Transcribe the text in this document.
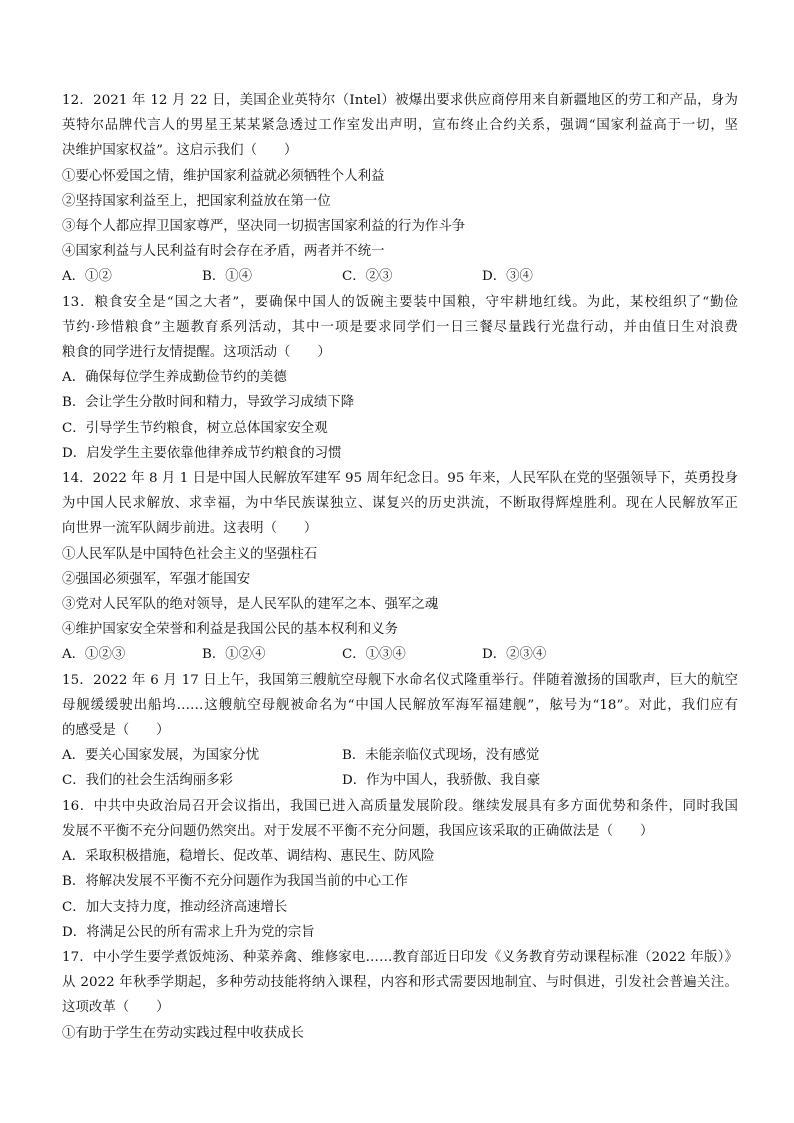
12．2021 年 12 月 22 日，美国企业英特尔（Intel）被爆出要求供应商停用来自新疆地区的劳工和产品，身为
英特尔品牌代言人的男星王某某紧急透过工作室发出声明，宣布终止合约关系，强调“国家利益高于一切，坚
决维护国家权益”。这启示我们（　　）
①要心怀爱国之情，维护国家利益就必须牺牲个人利益
②坚持国家利益至上，把国家利益放在第一位
③每个人都应捍卫国家尊严，坚决同一切损害国家利益的行为作斗争
④国家利益与人民利益有时会存在矛盾，两者并不统一
A．①②	B．①④	C．②③	D．③④
13．粮食安全是“国之大者”，要确保中国人的饭碗主要装中国粮，守牢耕地红线。为此，某校组织了“勤俭
节约·珍惜粮食”主题教育系列活动，其中一项是要求同学们一日三餐尽量践行光盘行动，并由值日生对浪费
粮食的同学进行友情提醒。这项活动（　　）
A．确保每位学生养成勤俭节约的美德
B．会让学生分散时间和精力，导致学习成绩下降
C．引导学生节约粮食，树立总体国家安全观
D．启发学生主要依靠他律养成节约粮食的习惯
14．2022 年 8 月 1 日是中国人民解放军建军 95 周年纪念日。95 年来，人民军队在党的坚强领导下，英勇投身
为中国人民求解放、求幸福，为中华民族谋独立、谋复兴的历史洪流，不断取得辉煌胜利。现在人民解放军正
向世界一流军队阔步前进。这表明（　　）
①人民军队是中国特色社会主义的坚强柱石
②强国必须强军，军强才能国安
③党对人民军队的绝对领导，是人民军队的建军之本、强军之魂
④维护国家安全荣誉和利益是我国公民的基本权利和义务
A．①②③	B．①②④	C．①③④	D．②③④
15．2022 年 6 月 17 日上午，我国第三艘航空母舰下水命名仪式隆重举行。伴随着激扬的国歌声，巨大的航空
母舰缓缓驶出船坞……这艘航空母舰被命名为“中国人民解放军海军福建舰”，舷号为“18”。对此，我们应有
的感受是（　　）
A．要关心国家发展，为国家分忧	B．未能亲临仪式现场，没有感觉
C．我们的社会生活绚丽多彩	D．作为中国人，我骄傲、我自豪
16．中共中央政治局召开会议指出，我国已进入高质量发展阶段。继续发展具有多方面优势和条件，同时我国
发展不平衡不充分问题仍然突出。对于发展不平衡不充分问题，我国应该采取的正确做法是（　　）
A．采取积极措施，稳增长、促改革、调结构、惠民生、防风险
B．将解决发展不平衡不充分问题作为我国当前的中心工作
C．加大支持力度，推动经济高速增长
D．将满足公民的所有需求上升为党的宗旨
17．中小学生要学煮饭炖汤、种菜养禽、维修家电……教育部近日印发《义务教育劳动课程标准（2022 年版）》
从 2022 年秋季学期起，多种劳动技能将纳入课程，内容和形式需要因地制宜、与时俱进，引发社会普遍关注。
这项改革（　　）
①有助于学生在劳动实践过程中收获成长
